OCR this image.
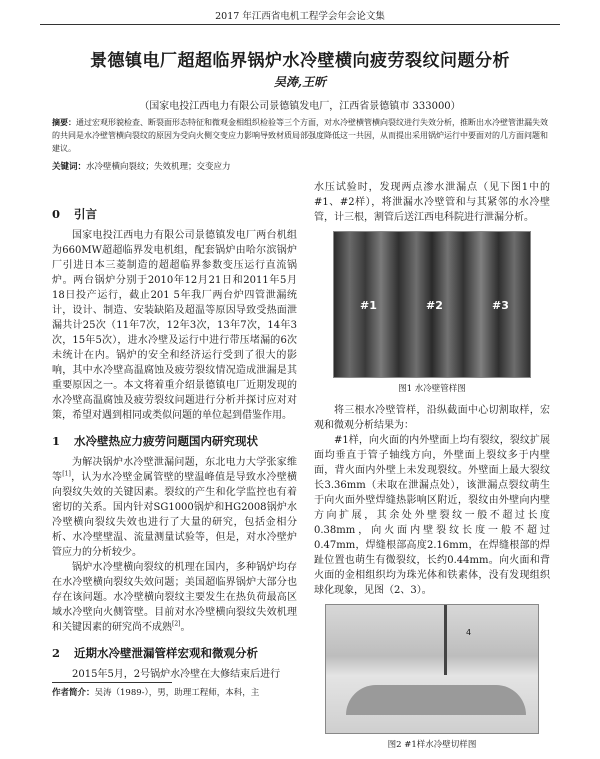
2017 年江西省电机工程学会年会论文集
景德镇电厂超超临界锅炉水冷壁横向疲劳裂纹问题分析
吴涛,王昕
（国家电投江西电力有限公司景德镇发电厂，江西省景德镇市 333000）
摘要：通过宏观形貌检查、断裂面形态特征和微观金相组织检验等三个方面，对水冷壁横管横向裂纹进行失效分析，推断出水冷壁管泄漏失效的共同是水冷壁管横向裂纹的原因为受向火侧交变应力影响导致材质局部强度降低这一共因，从而提出采用锅炉运行中要面对的几方面问题和建议。
关键词：水冷壁横向裂纹；失效机理；交变应力
0 引言

国家电投江西电力有限公司景德镇发电厂两台机组为660MW超超临界发电机组，配套锅炉由哈尔滨锅炉厂引进日本三菱制造的超超临界参数变压运行直流锅炉。两台锅炉分别于2010年12月21日和2011年5月18日投产运行，截止201 5年我厂两台炉四管泄漏统计，设计、制造、安装缺陷及超温等原因导致受热面泄漏共计25次（11年7次，12年3次，13年7次，14年3次，15年5次），进水冷壁及运行中进行带压堵漏的6次未统计在内。锅炉的安全和经济运行受到了很大的影响，其中水冷壁高温腐蚀及疲劳裂纹情况造成泄漏是其重要原因之一。本文将着重介绍景德镇电厂近期发现的水冷壁高温腐蚀及疲劳裂纹问题进行分析并探讨应对对策，希望对遇到相同或类似问题的单位起到借鉴作用。

1 水冷壁热应力疲劳问题国内研究现状

为解决锅炉水冷壁泄漏问题，东北电力大学张家维等[1]，认为水冷壁金属管壁的壁温峰值是导致水冷壁横向裂纹失效的关键因素。裂纹的产生和化学监控也有着密切的关系。国内针对SG1000锅炉和HG2008锅炉水冷壁横向裂纹失效也进行了大量的研究，包括金相分析、水冷壁壁温、流量测量试验等，但是，对水冷壁炉管应力的分析较少。

锅炉水冷壁横向裂纹的机理在国内，多种锅炉均存在水冷壁横向裂纹失效问题；美国超临界锅炉大部分也存在该问题。水冷壁横向裂纹主要发生在热负荷最高区域水冷壁向火侧管壁。目前对水冷壁横向裂纹失效机理和关键因素的研究尚不成熟[2]。

2 近期水冷壁泄漏管样宏观和微观分析

2015年5月，2号锅炉水冷壁在大修结束后进行

水压试验时，发现两点渗水泄漏点（见下图1中的#1、#2样），将泄漏水冷壁管和与其紧邻的水冷壁管，计三根，割管后送江西电科院进行泄漏分析。

#1	#2	#3

图1 水冷壁管样图

将三根水冷壁管样，沿纵截面中心切割取样，宏观和微观分析结果为：

#1样，向火面的内外壁面上均有裂纹，裂纹扩展面均垂直于管子轴线方向，外壁面上裂纹多于内壁面，背火面内外壁上未发现裂纹。外壁面上最大裂纹长3.36mm（未取在泄漏点处），该泄漏点裂纹萌生于向火面外壁焊缝热影响区附近，裂纹由外壁向内壁方向扩展，其余处外壁裂纹一般不超过长度0.38mm，向火面内壁裂纹长度一般不超过0.47mm，焊缝根部高度2.16mm，在焊缝根部的焊趾位置也萌生有微裂纹，长约0.44mm。向火面和背火面的金相组织均为珠光体和铁素体，没有发现组织球化现象，见图（2、3）。

4

图2 #1样水冷壁切样图

作者简介：吴涛（1989-），男，助理工程师，本科，主
